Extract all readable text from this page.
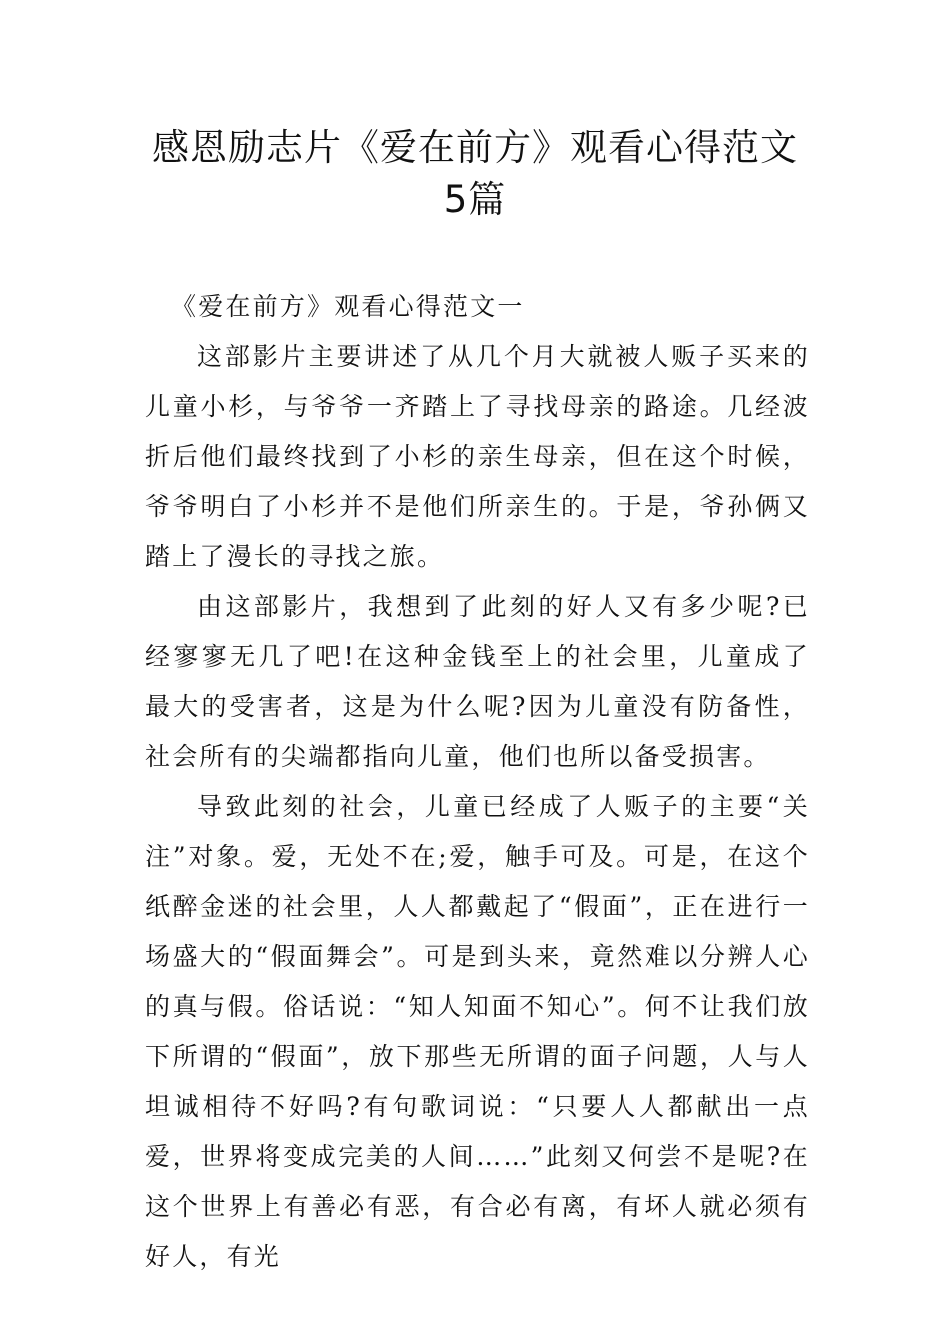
感恩励志片《爱在前方》观看心得范文
5篇
《爱在前方》观看心得范文一

这部影片主要讲述了从几个月大就被人贩子买来的儿童小杉，与爷爷一齐踏上了寻找母亲的路途。几经波折后他们最终找到了小杉的亲生母亲，但在这个时候，爷爷明白了小杉并不是他们所亲生的。于是，爷孙俩又踏上了漫长的寻找之旅。

由这部影片，我想到了此刻的好人又有多少呢?已经寥寥无几了吧!在这种金钱至上的社会里，儿童成了最大的受害者，这是为什么呢?因为儿童没有防备性，社会所有的尖端都指向儿童，他们也所以备受损害。

导致此刻的社会，儿童已经成了人贩子的主要“关注”对象。爱，无处不在;爱，触手可及。可是，在这个纸醉金迷的社会里，人人都戴起了“假面”，正在进行一场盛大的“假面舞会”。可是到头来，竟然难以分辨人心的真与假。俗话说：“知人知面不知心”。何不让我们放下所谓的“假面”，放下那些无所谓的面子问题，人与人坦诚相待不好吗?有句歌词说：“只要人人都献出一点爱，世界将变成完美的人间……”此刻又何尝不是呢?在这个世界上有善必有恶，有合必有离，有坏人就必须有好人，有光
